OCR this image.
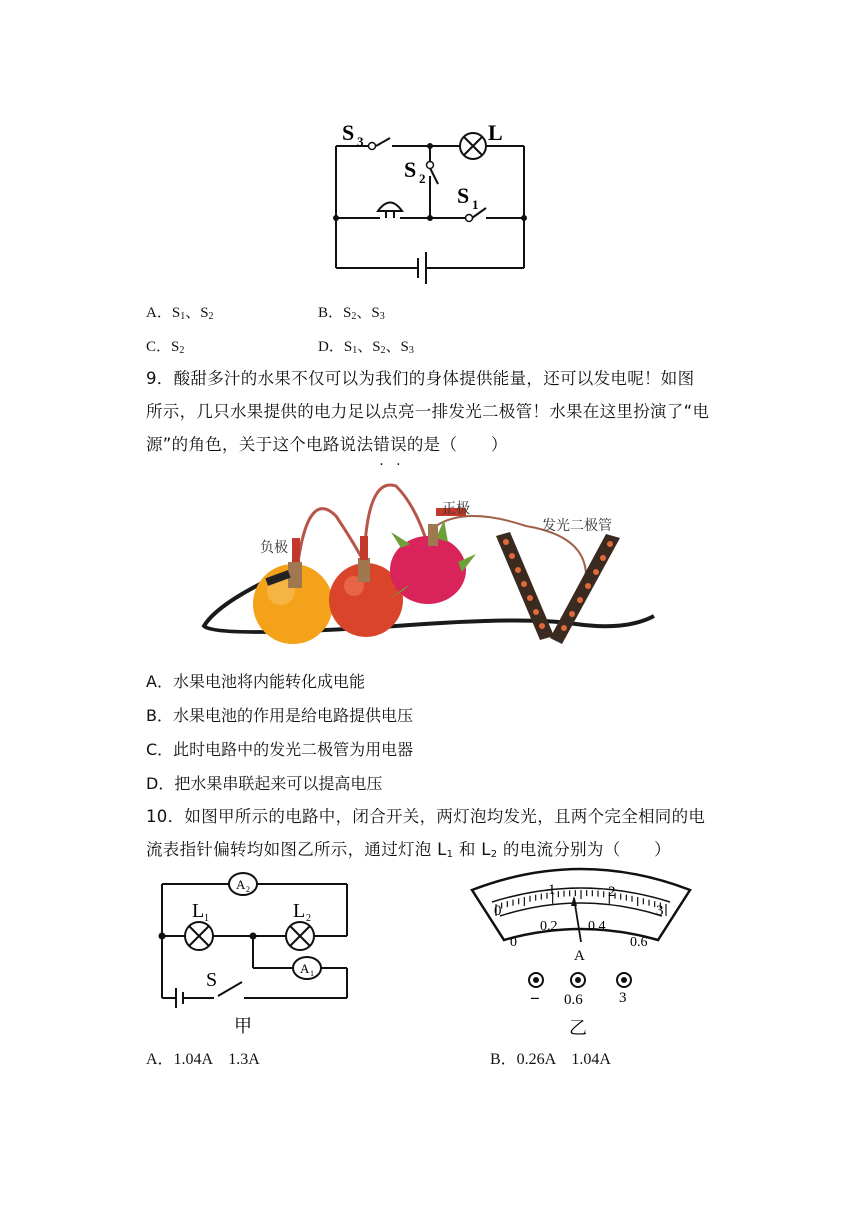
S 3	L
S 2
S 1
A．$S_1$、$S_2$	B．$S_2$、$S_3$
C．$S_2$	D．$S_1$、$S_2$、$S_3$

9．酸甜多汁的水果不仅可以为我们的身体提供能量，还可以发电呢！如图

所示，几只水果提供的电力足以点亮一排发光二极管！水果在这里扮演了“电

源”的角色，关于这个电路说法错误的是（　　）

负极
正极
发光二极管
A．水果电池将内能转化成电能
B．水果电池的作用是给电路提供电压
C．此时电路中的发光二极管为用电器
D．把水果串联起来可以提高电压

10．如图甲所示的电路中，闭合开关，两灯泡均发光，且两个完全相同的电

流表指针偏转均如图乙所示，通过灯泡 $L_1$ 和 $L_2$ 的电流分别为（　　）

A 2
L 1	L 2
A 1
S
甲
0
1	2
3
0
0.2 0.4
0.6
A
− 0.6 3
乙
A．1.04A　1.3A	B．0.26A　1.04A
